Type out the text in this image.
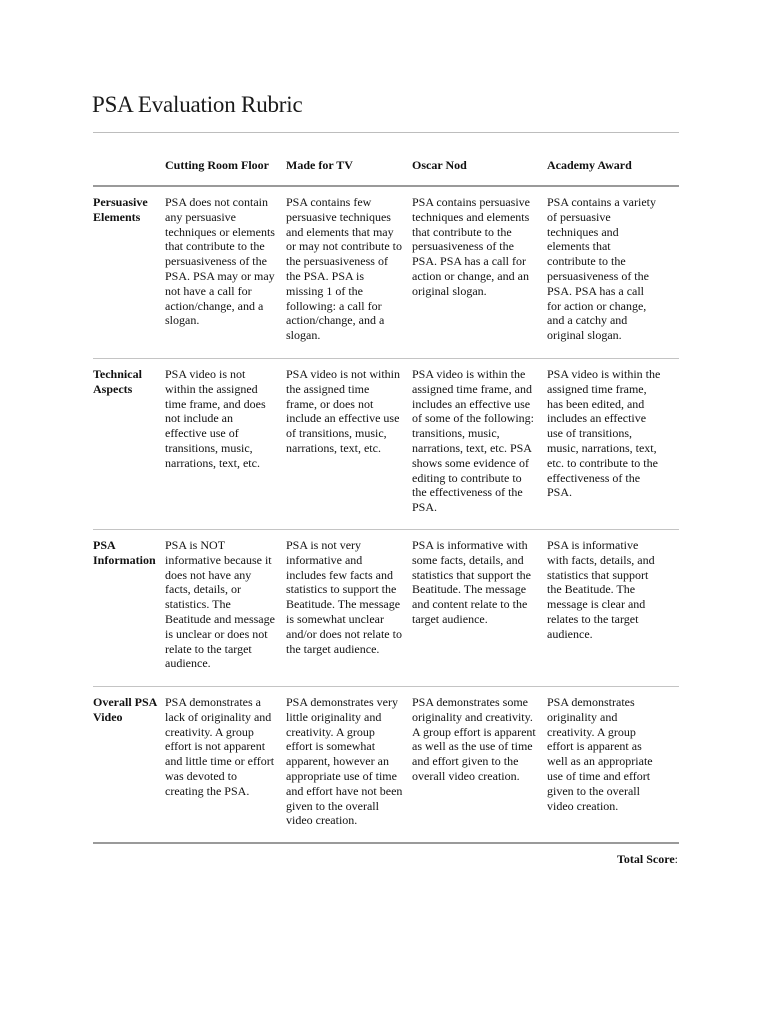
PSA Evaluation Rubric
Cutting Room Floor Made for TV	Oscar Nod	Academy Award
Persuasive
Elements
PSA does not contain
any persuasive
techniques or elements
that contribute to the
persuasiveness of the
PSA. PSA may or may
not have a call for
action/change, and a
slogan.
PSA contains few
persuasive techniques
and elements that may
or may not contribute to
the persuasiveness of
the PSA. PSA is
missing 1 of the
following: a call for
action/change, and a
slogan.
PSA contains persuasive
techniques and elements
that contribute to the
persuasiveness of the
PSA. PSA has a call for
action or change, and an
original slogan.
PSA contains a variety
of persuasive
techniques and
elements that
contribute to the
persuasiveness of the
PSA. PSA has a call
for action or change,
and a catchy and
original slogan.
Technical
Aspects
PSA video is not
within the assigned
time frame, and does
not include an
effective use of
transitions, music,
narrations, text, etc.
PSA video is not within
the assigned time
frame, or does not
include an effective use
of transitions, music,
narrations, text, etc.
PSA video is within the
assigned time frame, and
includes an effective use
of some of the following:
transitions, music,
narrations, text, etc. PSA
shows some evidence of
editing to contribute to
the effectiveness of the
PSA.
PSA video is within the
assigned time frame,
has been edited, and
includes an effective
use of transitions,
music, narrations, text,
etc. to contribute to the
effectiveness of the
PSA.
PSA
Information
PSA is NOT
informative because it
does not have any
facts, details, or
statistics. The
Beatitude and message
is unclear or does not
relate to the target
audience.
PSA is not very
informative and
includes few facts and
statistics to support the
Beatitude. The message
is somewhat unclear
and/or does not relate to
the target audience.
PSA is informative with
some facts, details, and
statistics that support the
Beatitude. The message
and content relate to the
target audience.
PSA is informative
with facts, details, and
statistics that support
the Beatitude. The
message is clear and
relates to the target
audience.
Overall PSA
Video
PSA demonstrates a
lack of originality and
creativity. A group
effort is not apparent
and little time or effort
was devoted to
creating the PSA.
PSA demonstrates very
little originality and
creativity. A group
effort is somewhat
apparent, however an
appropriate use of time
and effort have not been
given to the overall
video creation.
PSA demonstrates some
originality and creativity.
A group effort is apparent
as well as the use of time
and effort given to the
overall video creation.
PSA demonstrates
originality and
creativity. A group
effort is apparent as
well as an appropriate
use of time and effort
given to the overall
video creation.
Total Score:
